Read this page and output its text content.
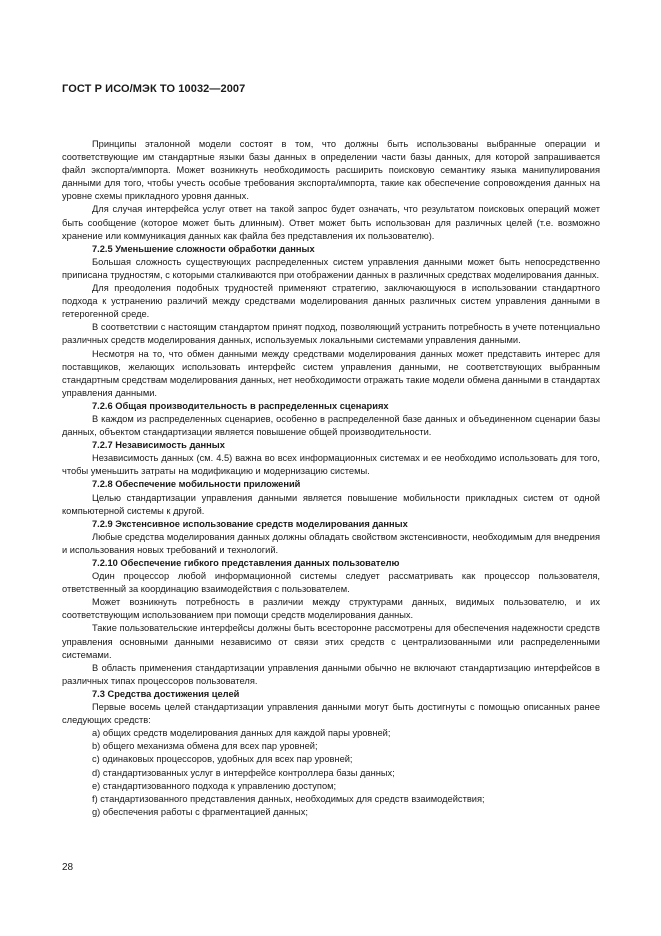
ГОСТ Р ИСО/МЭК ТО 10032—2007

Принципы эталонной модели состоят в том, что должны быть использованы выбранные операции и соответствующие им стандартные языки базы данных в определении части базы данных, для которой запрашивается файл экспорта/импорта. Может возникнуть необходимость расширить поисковую семантику языка манипулирования данными для того, чтобы учесть особые требования экспорта/импорта, такие как обеспечение сопровождения данных на уровне схемы прикладного уровня данных.

Для случая интерфейса услуг ответ на такой запрос будет означать, что результатом поисковых операций может быть сообщение (которое может быть длинным). Ответ может быть использован для различных целей (т.е. возможно хранение или коммуникация данных как файла без представления их пользователю).

7.2.5 Уменьшение сложности обработки данных

Большая сложность существующих распределенных систем управления данными может быть непосредственно приписана трудностям, с которыми сталкиваются при отображении данных в различных средствах моделирования данных.

Для преодоления подобных трудностей применяют стратегию, заключающуюся в использовании стандартного подхода к устранению различий между средствами моделирования данных различных систем управления данными в гетерогенной среде.

В соответствии с настоящим стандартом принят подход, позволяющий устранить потребность в учете потенциально различных средств моделирования данных, используемых локальными системами управления данными.

Несмотря на то, что обмен данными между средствами моделирования данных может представить интерес для поставщиков, желающих использовать интерфейс систем управления данными, не соответствующих выбранным стандартным средствам моделирования данных, нет необходимости отражать такие модели обмена данными в стандартах управления данными.

7.2.6 Общая производительность в распределенных сценариях

В каждом из распределенных сценариев, особенно в распределенной базе данных и объединенном сценарии базы данных, объектом стандартизации является повышение общей производительности.

7.2.7 Независимость данных

Независимость данных (см. 4.5) важна во всех информационных системах и ее необходимо использовать для того, чтобы уменьшить затраты на модификацию и модернизацию системы.

7.2.8 Обеспечение мобильности приложений

Целью стандартизации управления данными является повышение мобильности прикладных систем от одной компьютерной системы к другой.

7.2.9 Экстенсивное использование средств моделирования данных

Любые средства моделирования данных должны обладать свойством экстенсивности, необходимым для внедрения и использования новых требований и технологий.

7.2.10 Обеспечение гибкого представления данных пользователю

Один процессор любой информационной системы следует рассматривать как процессор пользователя, ответственный за координацию взаимодействия с пользователем.

Может возникнуть потребность в различии между структурами данных, видимых пользователю, и их соответствующим использованием при помощи средств моделирования данных.

Такие пользовательские интерфейсы должны быть всесторонне рассмотрены для обеспечения надежности средств управления основными данными независимо от связи этих средств с централизованными или распределенными системами.

В область применения стандартизации управления данными обычно не включают стандартизацию интерфейсов в различных типах процессоров пользователя.

7.3 Средства достижения целей

Первые восемь целей стандартизации управления данными могут быть достигнуты с помощью описанных ранее следующих средств:

a) общих средств моделирования данных для каждой пары уровней;

b) общего механизма обмена для всех пар уровней;

c) одинаковых процессоров, удобных для всех пар уровней;

d) стандартизованных услуг в интерфейсе контроллера базы данных;

e) стандартизованного подхода к управлению доступом;

f) стандартизованного представления данных, необходимых для средств взаимодействия;

g) обеспечения работы с фрагментацией данных;

28
